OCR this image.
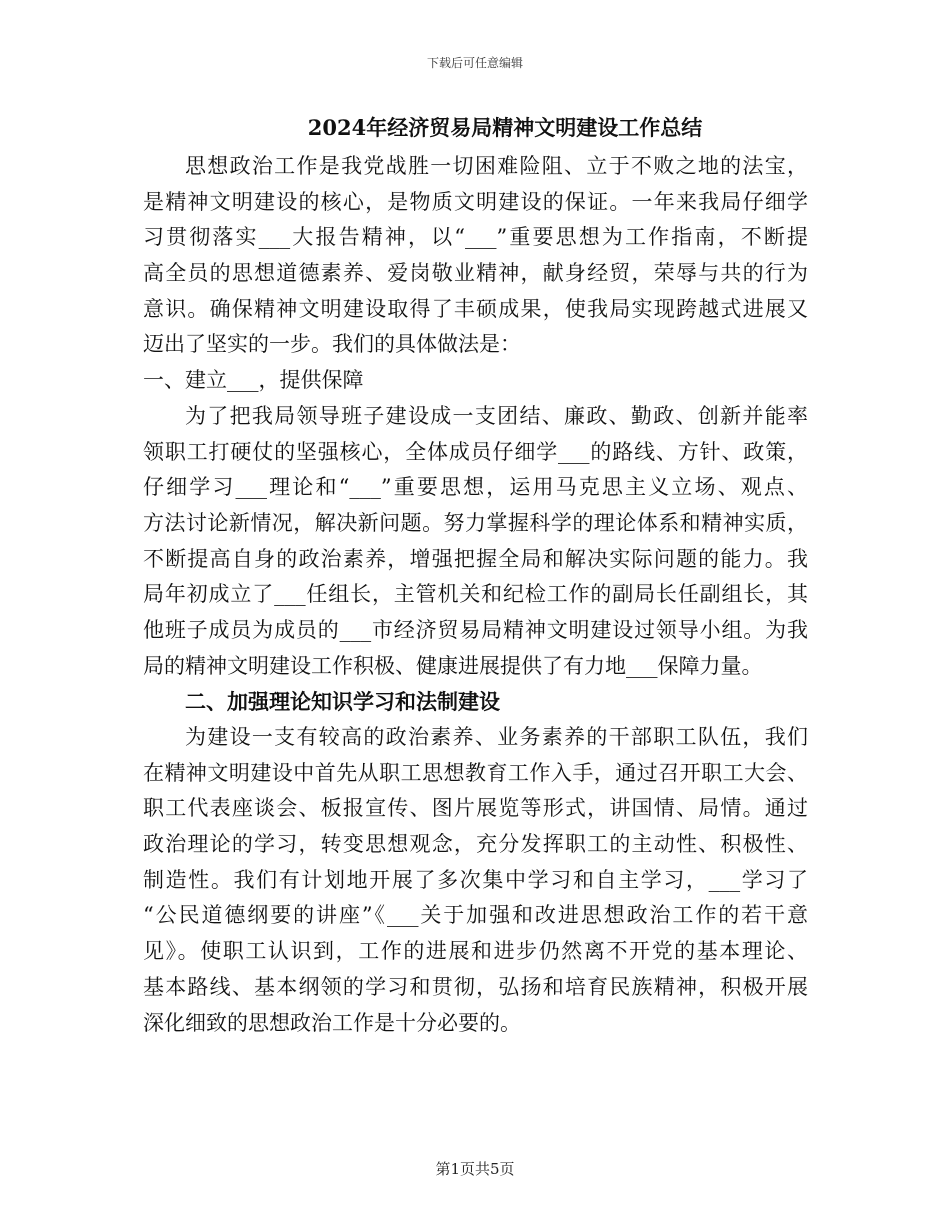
下载后可任意编辑
2024年经济贸易局精神文明建设工作总结
思想政治工作是我党战胜一切困难险阻、立于不败之地的法宝，
是精神文明建设的核心，是物质文明建设的保证。一年来我局仔细学
习贯彻落实___大报告精神，以“___”重要思想为工作指南，不断提
高全员的思想道德素养、爱岗敬业精神，献身经贸，荣辱与共的行为
意识。确保精神文明建设取得了丰硕成果，使我局实现跨越式进展又
迈出了坚实的一步。我们的具体做法是：
一、建立___，提供保障
为了把我局领导班子建设成一支团结、廉政、勤政、创新并能率
领职工打硬仗的坚强核心，全体成员仔细学___的路线、方针、政策，
仔细学习___理论和“___”重要思想，运用马克思主义立场、观点、
方法讨论新情况，解决新问题。努力掌握科学的理论体系和精神实质，
不断提高自身的政治素养，增强把握全局和解决实际问题的能力。我
局年初成立了___任组长，主管机关和纪检工作的副局长任副组长，其
他班子成员为成员的___市经济贸易局精神文明建设过领导小组。为我
局的精神文明建设工作积极、健康进展提供了有力地___保障力量。
二、加强理论知识学习和法制建设
为建设一支有较高的政治素养、业务素养的干部职工队伍，我们
在精神文明建设中首先从职工思想教育工作入手，通过召开职工大会、
职工代表座谈会、板报宣传、图片展览等形式，讲国情、局情。通过
政治理论的学习，转变思想观念，充分发挥职工的主动性、积极性、
制造性。我们有计划地开展了多次集中学习和自主学习，___学习了
“公民道德纲要的讲座”《___关于加强和改进思想政治工作的若干意
见》。使职工认识到，工作的进展和进步仍然离不开党的基本理论、
基本路线、基本纲领的学习和贯彻，弘扬和培育民族精神，积极开展
深化细致的思想政治工作是十分必要的。
第1页共5页
